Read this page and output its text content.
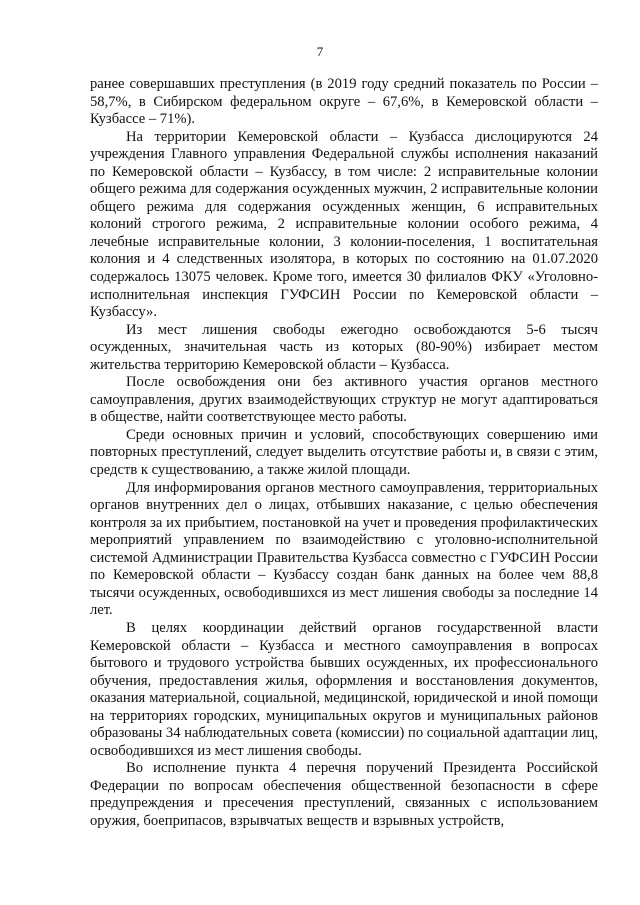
7

ранее совершавших преступления (в 2019 году средний показатель по России – 58,7%, в Сибирском федеральном округе – 67,6%, в Кемеровской области – Кузбассе – 71%).

На территории Кемеровской области – Кузбасса дислоцируются 24 учреждения Главного управления Федеральной службы исполнения наказаний по Кемеровской области – Кузбассу, в том числе: 2 исправительные колонии общего режима для содержания осужденных мужчин, 2 исправительные колонии общего режима для содержания осужденных женщин, 6 исправительных колоний строгого режима, 2 исправительные колонии особого режима, 4 лечебные исправительные колонии, 3 колонии-поселения, 1 воспитательная колония и 4 следственных изолятора, в которых по состоянию на 01.07.2020 содержалось 13075 человек. Кроме того, имеется 30 филиалов ФКУ «Уголовно-исполнительная инспекция ГУФСИН России по Кемеровской области – Кузбассу».

Из мест лишения свободы ежегодно освобождаются 5-6 тысяч осужденных, значительная часть из которых (80-90%) избирает местом жительства территорию Кемеровской области – Кузбасса.

После освобождения они без активного участия органов местного самоуправления, других взаимодействующих структур не могут адаптироваться в обществе, найти соответствующее место работы.

Среди основных причин и условий, способствующих совершению ими повторных преступлений, следует выделить отсутствие работы и, в связи с этим, средств к существованию, а также жилой площади.

Для информирования органов местного самоуправления, территориальных органов внутренних дел о лицах, отбывших наказание, с целью обеспечения контроля за их прибытием, постановкой на учет и проведения профилактических мероприятий управлением по взаимодействию с уголовно-исполнительной системой Администрации Правительства Кузбасса совместно с ГУФСИН России по Кемеровской области – Кузбассу создан банк данных на более чем 88,8 тысячи осужденных, освободившихся из мест лишения свободы за последние 14 лет.

В целях координации действий органов государственной власти Кемеровской области – Кузбасса и местного самоуправления в вопросах бытового и трудового устройства бывших осужденных, их профессионального обучения, предоставления жилья, оформления и восстановления документов, оказания материальной, социальной, медицинской, юридической и иной помощи на территориях городских, муниципальных округов и муниципальных районов образованы 34 наблюдательных совета (комиссии) по социальной адаптации лиц, освободившихся из мест лишения свободы.

Во исполнение пункта 4 перечня поручений Президента Российской Федерации по вопросам обеспечения общественной безопасности в сфере предупреждения и пресечения преступлений, связанных с использованием оружия, боеприпасов, взрывчатых веществ и взрывных устройств,
